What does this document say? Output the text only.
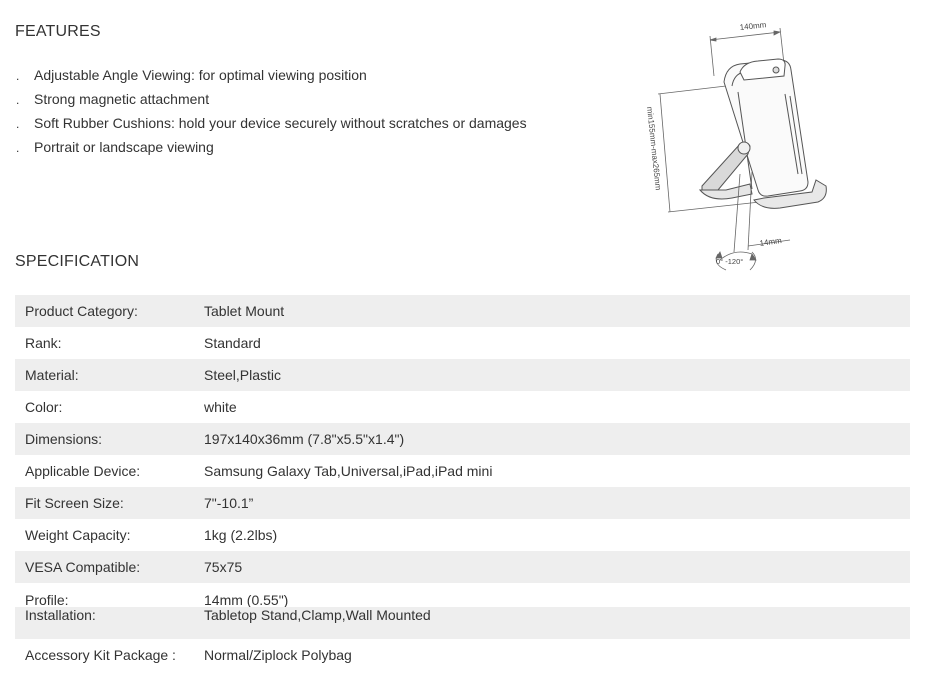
FEATURES
.	Adjustable Angle Viewing: for optimal viewing position
.	Strong magnetic attachment
.	Soft Rubber Cushions: hold your device securely without scratches or damages
.	Portrait or landscape viewing
140mm
min155mm-max265mm
14mm
0° -120°
SPECIFICATION
Product Category:	Tablet Mount
Rank:	Standard
Material:	Steel,Plastic
Color:	white
Dimensions:	197x140x36mm (7.8"x5.5"x1.4")
Applicable Device:	Samsung Galaxy Tab,Universal,iPad,iPad mini
Fit Screen Size:	7"-10.1”
Weight Capacity:	1kg (2.2lbs)
VESA Compatible:	75x75
Profile:	14mm (0.55")
Installation:	Tabletop Stand,Clamp,Wall Mounted
Accessory Kit Package :	Normal/Ziplock Polybag
